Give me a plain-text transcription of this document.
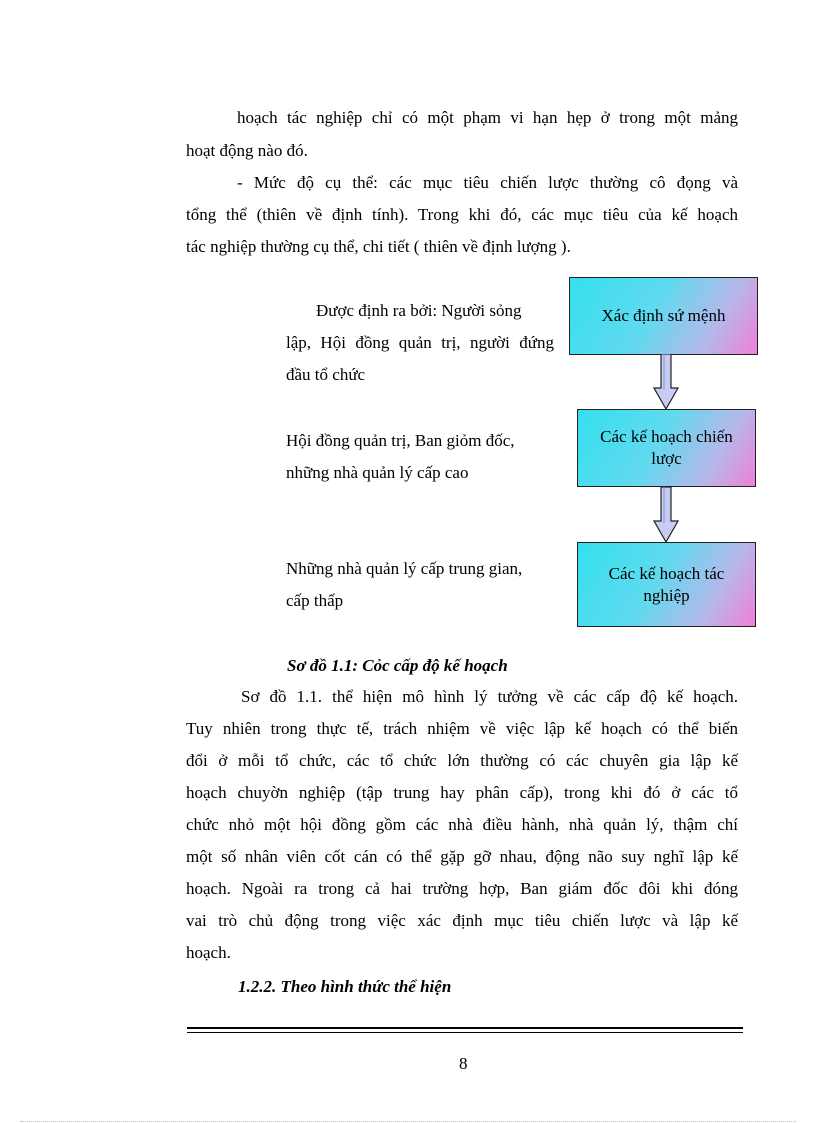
hoạch tác nghiệp chỉ có một phạm vi hạn hẹp ở trong một mảng
hoạt động nào đó.
- Mức độ cụ thể: các mục tiêu chiến lược thường cô đọng và
tổng thể (thiên về định tính). Trong khi đó, các mục tiêu của kế hoạch
tác nghiệp thường cụ thể, chi tiết ( thiên về định lượng ).
Được định ra bởi: Người sỏng
lập, Hội đồng quản trị, người đứng
đầu tổ chức
Hội đồng quản trị, Ban giỏm đốc,
những nhà quản lý cấp cao
Những nhà quản lý cấp trung gian,
cấp thấp
Xác định sứ mệnh
Các kế hoạch chiến lược
Các kế hoạch tác nghiệp
Sơ đồ 1.1: Cỏc cấp độ kế hoạch
Sơ đồ 1.1. thể hiện mô hình lý tưởng về các cấp độ kế hoạch.
Tuy nhiên trong thực tế, trách nhiệm về việc lập kế hoạch có thể biến
đổi ở mỗi tổ chức, các tổ chức lớn thường có các chuyên gia lập kế
hoạch chuyờn nghiệp (tập trung hay phân cấp), trong khi đó ở các tổ
chức nhỏ một hội đồng gồm các nhà điều hành, nhà quản lý, thậm chí
một số nhân viên cốt cán có thể gặp gỡ nhau, động não suy nghĩ lập kế
hoạch. Ngoài ra trong cả hai trường hợp, Ban giám đốc đôi khi đóng
vai trò chủ động trong việc xác định mục tiêu chiến lược và lập kế
hoạch.
1.2.2. Theo hình thức thể hiện
8
